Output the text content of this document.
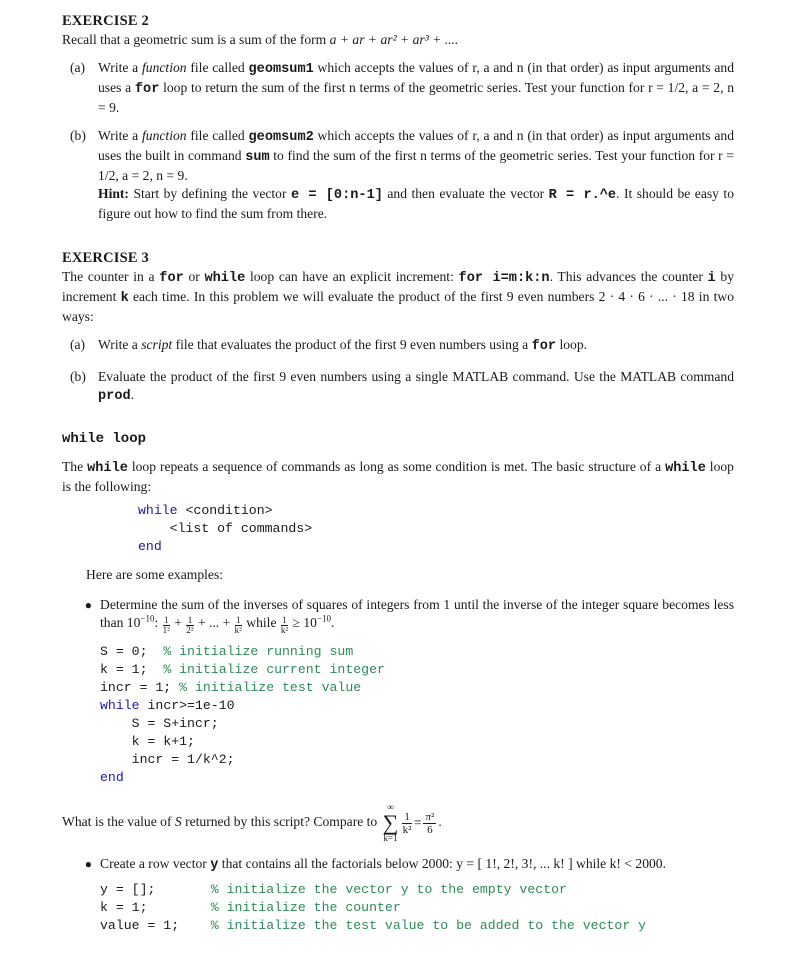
EXERCISE 2

Recall that a geometric sum is a sum of the form a + ar + ar² + ar³ + ....

(a) Write a function file called geomsum1 which accepts the values of r, a and n (in that order) as input arguments and uses a for loop to return the sum of the first n terms of the geometric series. Test your function for r = 1/2, a = 2, n = 9.
(b) Write a function file called geomsum2 which accepts the values of r, a and n (in that order) as input arguments and uses the built in command sum to find the sum of the first n terms of the geometric series. Test your function for r = 1/2, a = 2, n = 9.
Hint: Start by defining the vector e = [0:n-1] and then evaluate the vector R = r.^e. It should be easy to figure out how to find the sum from there.
EXERCISE 3

The counter in a for or while loop can have an explicit increment: for i=m:k:n. This advances the counter i by increment k each time. In this problem we will evaluate the product of the first 9 even numbers 2 · 4 · 6 · ... · 18 in two ways:

(a) Write a script file that evaluates the product of the first 9 even numbers using a for loop.
(b) Evaluate the product of the first 9 even numbers using a single MATLAB command. Use the MATLAB command prod.
while loop

The while loop repeats a sequence of commands as long as some condition is met. The basic structure of a while loop is the following:

while <condition>
<list of commands>
end

Here are some examples:

● Determine the sum of the inverses of squares of integers from 1 until the inverse of the integer square becomes less than $10^{-10}$: $\frac{1}{\text{1²}} + \frac{1}{\text{2²}}$ + ... + $\frac{1}{\text{k²}}$ while $\frac{1}{\text{k²}} \ge 10^{-10}$.
S = 0;  % initialize running sum
k = 1;  % initialize current integer
incr = 1; % initialize test value
while incr>=1e-10
S = S+incr;
k = k+1;
incr = 1/k^2;
end

What is the value of S returned by this script? Compare to
∞
∑
k=1
$\frac{1}{\text{k²}} = \frac{\text{π²}}{6}$ .

● Create a row vector y that contains all the factorials below 2000: y = [ 1!, 2!, 3!, ... k! ] while k! < 2000.
y = [];       % initialize the vector y to the empty vector
k = 1;        % initialize the counter
value = 1;    % initialize the test value to be added to the vector y
